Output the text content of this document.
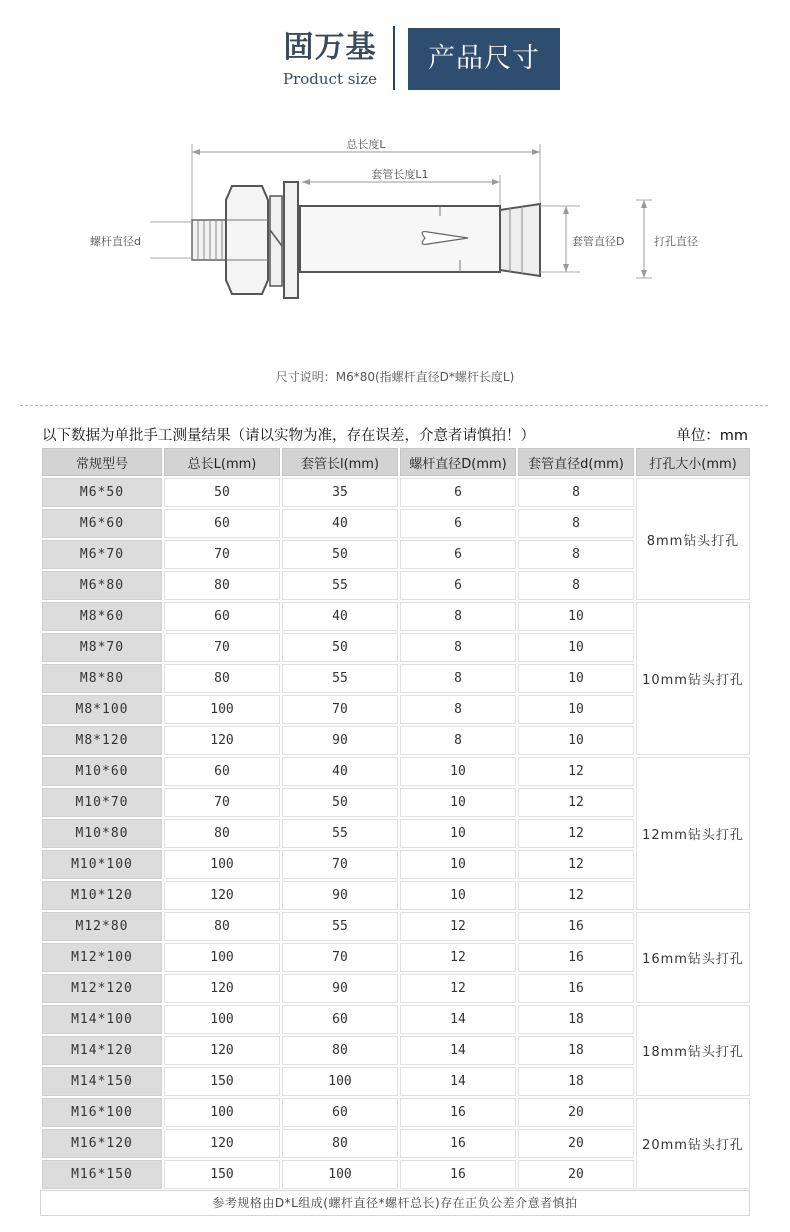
固万基
Product size
产品尺寸
总长度L
套管长度L1
螺杆直径d	套管直径D	打孔直径
尺寸说明：M6*80(指螺杆直径D*螺杆长度L)
以下数据为单批手工测量结果（请以实物为准，存在误差，介意者请慎拍！）	单位：mm
常规型号	总长L(mm)	套管长l(mm)	螺杆直径D(mm)	套管直径d(mm)	打孔大小(mm)
M6*50	50	35	6	8	8mm钻头打孔
M6*60	60	40	6	8	
M6*70	70	50	6	8	
M6*80	80	55	6	8	
M8*60	60	40	8	10	10mm钻头打孔
M8*70	70	50	8	10	
M8*80	80	55	8	10	
M8*100	100	70	8	10	
M8*120	120	90	8	10	
M10*60	60	40	10	12	12mm钻头打孔
M10*70	70	50	10	12	
M10*80	80	55	10	12	
M10*100	100	70	10	12	
M10*120	120	90	10	12	
M12*80	80	55	12	16	16mm钻头打孔
M12*100	100	70	12	16	
M12*120	120	90	12	16	
M14*100	100	60	14	18	18mm钻头打孔
M14*120	120	80	14	18	
M14*150	150	100	14	18	
M16*100	100	60	16	20	20mm钻头打孔
M16*120	120	80	16	20	
M16*150	150	100	16	20	
参考规格由D*L组成(螺杆直径*螺杆总长)存在正负公差介意者慎拍
